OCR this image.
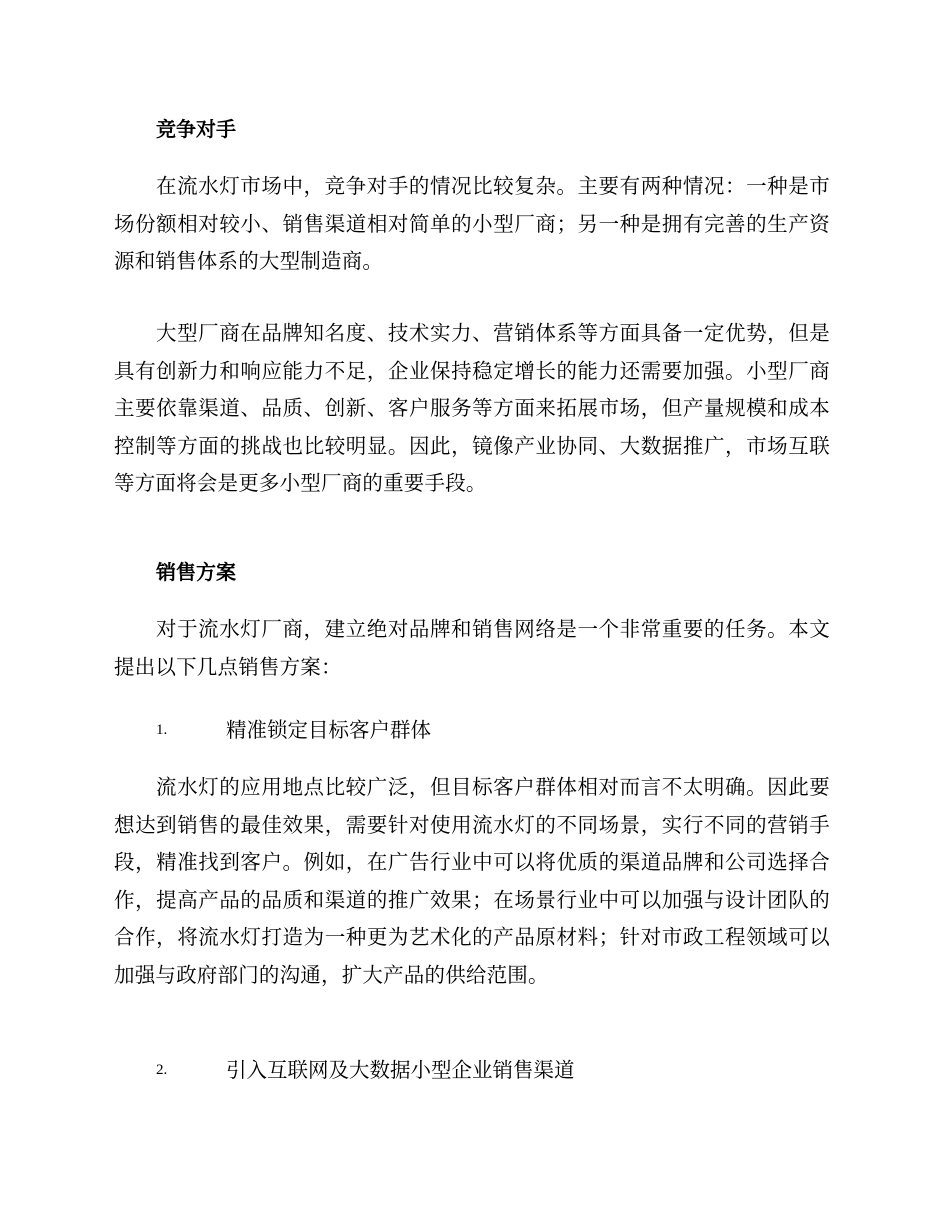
竞争对手

在流水灯市场中，竞争对手的情况比较复杂。主要有两种情况：一种是市场份额相对较小、销售渠道相对简单的小型厂商；另一种是拥有完善的生产资源和销售体系的大型制造商。

大型厂商在品牌知名度、技术实力、营销体系等方面具备一定优势，但是具有创新力和响应能力不足，企业保持稳定增长的能力还需要加强。小型厂商主要依靠渠道、品质、创新、客户服务等方面来拓展市场，但产量规模和成本控制等方面的挑战也比较明显。因此，镜像产业协同、大数据推广，市场互联等方面将会是更多小型厂商的重要手段。

销售方案

对于流水灯厂商，建立绝对品牌和销售网络是一个非常重要的任务。本文提出以下几点销售方案：

1.	精准锁定目标客户群体

流水灯的应用地点比较广泛，但目标客户群体相对而言不太明确。因此要想达到销售的最佳效果，需要针对使用流水灯的不同场景，实行不同的营销手段，精准找到客户。例如，在广告行业中可以将优质的渠道品牌和公司选择合作，提高产品的品质和渠道的推广效果；在场景行业中可以加强与设计团队的合作，将流水灯打造为一种更为艺术化的产品原材料；针对市政工程领域可以加强与政府部门的沟通，扩大产品的供给范围。

2.	引入互联网及大数据小型企业销售渠道
